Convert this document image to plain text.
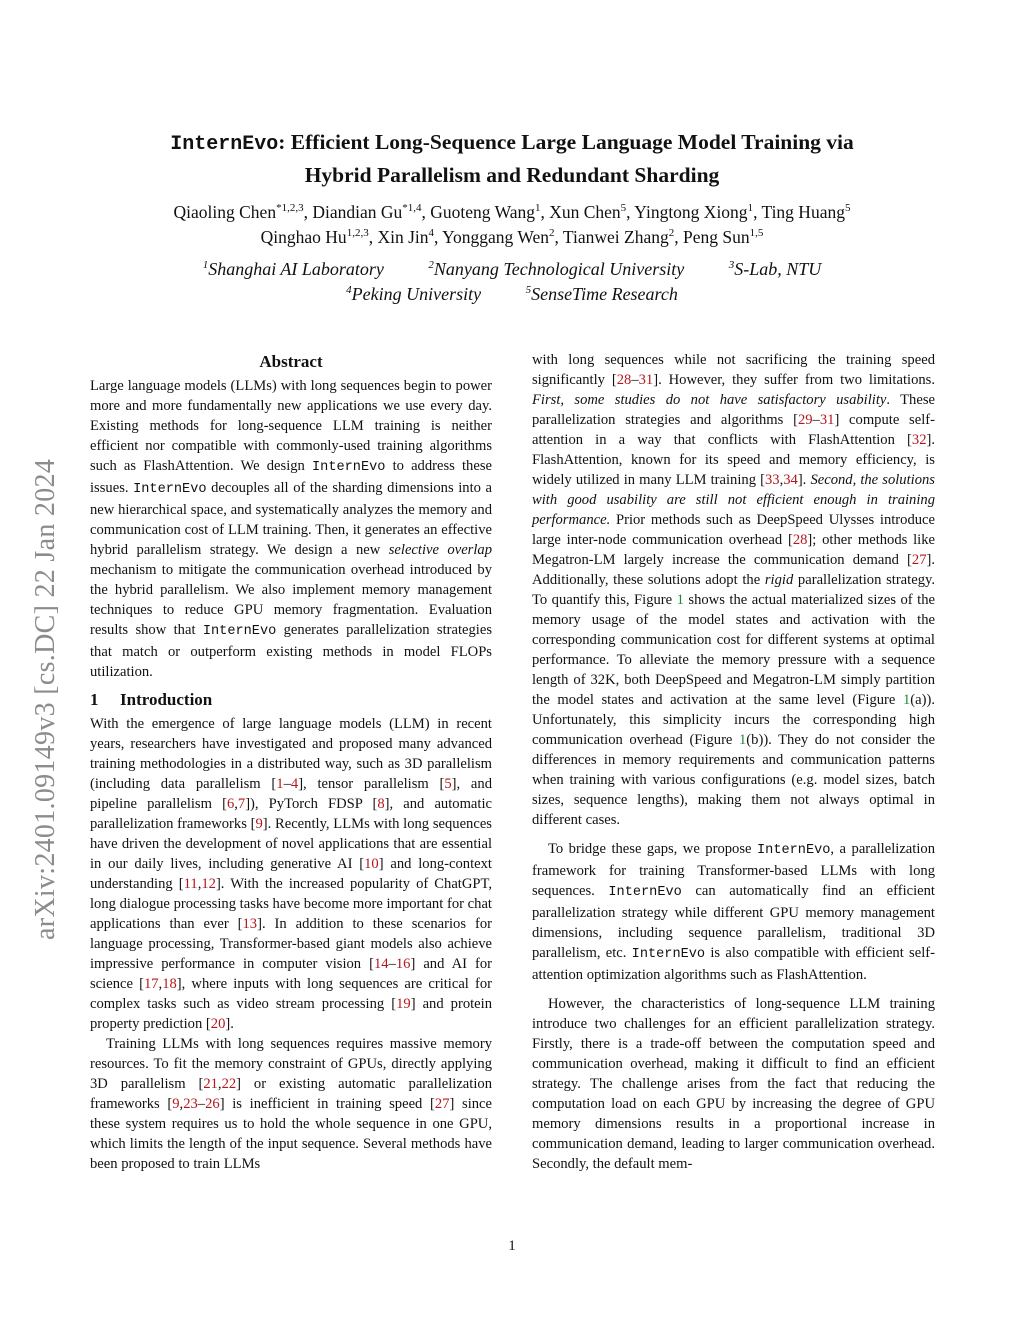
arXiv:2401.09149v3 [cs.DC] 22 Jan 2024
InternEvo: Efficient Long-Sequence Large Language Model Training via
Hybrid Parallelism and Redundant Sharding
Qiaoling Chen$^{*1,2,3}$, Diandian Gu$^{*1,4}$, Guoteng Wang$^1$, Xun Chen$^5$, Yingtong Xiong$^1$, Ting Huang$^5$
Qinghao Hu$^{1,2,3}$, Xin Jin$^4$, Yonggang Wen$^2$, Tianwei Zhang$^2$, Peng Sun$^{1,5}$
$^1$Shanghai AI Laboratory	$^2$Nanyang Technological University	$^3$S-Lab, NTU
$^4$Peking University	$^5$SenseTime Research
Abstract

Large language models (LLMs) with long sequences begin to power more and more fundamentally new applications we use every day. Existing methods for long-sequence LLM training is neither efficient nor compatible with commonly-used training algorithms such as FlashAttention. We design InternEvo to address these issues. InternEvo decouples all of the sharding dimensions into a new hierarchical space, and systematically analyzes the memory and communication cost of LLM training. Then, it generates an effective hybrid parallelism strategy. We design a new selective overlap mechanism to mitigate the communication overhead introduced by the hybrid parallelism. We also implement memory management techniques to reduce GPU memory fragmentation. Evaluation results show that InternEvo generates parallelization strategies that match or outperform existing methods in model FLOPs utilization.

1 Introduction

With the emergence of large language models (LLM) in recent years, researchers have investigated and proposed many advanced training methodologies in a distributed way, such as 3D parallelism (including data parallelism [1–4], tensor parallelism [5], and pipeline parallelism [6,7]), PyTorch FDSP [8], and automatic parallelization frameworks [9]. Recently, LLMs with long sequences have driven the development of novel applications that are essential in our daily lives, including generative AI [10] and long-context understanding [11,12]. With the increased popularity of ChatGPT, long dialogue processing tasks have become more important for chat applications than ever [13]. In addition to these scenarios for language processing, Transformer-based giant models also achieve impressive performance in computer vision [14–16] and AI for science [17,18], where inputs with long sequences are critical for complex tasks such as video stream processing [19] and protein property prediction [20].

Training LLMs with long sequences requires massive memory resources. To fit the memory constraint of GPUs, directly applying 3D parallelism [21,22] or existing automatic parallelization frameworks [9,23–26] is inefficient in training speed [27] since these system requires us to hold the whole sequence in one GPU, which limits the length of the input sequence. Several methods have been proposed to train LLMs

with long sequences while not sacrificing the training speed significantly [28–31]. However, they suffer from two limitations. First, some studies do not have satisfactory usability. These parallelization strategies and algorithms [29–31] compute self-attention in a way that conflicts with FlashAttention [32]. FlashAttention, known for its speed and memory efficiency, is widely utilized in many LLM training [33,34]. Second, the solutions with good usability are still not efficient enough in training performance. Prior methods such as DeepSpeed Ulysses introduce large inter-node communication overhead [28]; other methods like Megatron-LM largely increase the communication demand [27]. Additionally, these solutions adopt the rigid parallelization strategy. To quantify this, Figure 1 shows the actual materialized sizes of the memory usage of the model states and activation with the corresponding communication cost for different systems at optimal performance. To alleviate the memory pressure with a sequence length of 32K, both DeepSpeed and Megatron-LM simply partition the model states and activation at the same level (Figure 1(a)). Unfortunately, this simplicity incurs the corresponding high communication overhead (Figure 1(b)). They do not consider the differences in memory requirements and communication patterns when training with various configurations (e.g. model sizes, batch sizes, sequence lengths), making them not always optimal in different cases.

To bridge these gaps, we propose InternEvo, a parallelization framework for training Transformer-based LLMs with long sequences. InternEvo can automatically find an efficient parallelization strategy while different GPU memory management dimensions, including sequence parallelism, traditional 3D parallelism, etc. InternEvo is also compatible with efficient self-attention optimization algorithms such as FlashAttention.

However, the characteristics of long-sequence LLM training introduce two challenges for an efficient parallelization strategy. Firstly, there is a trade-off between the computation speed and communication overhead, making it difficult to find an efficient strategy. The challenge arises from the fact that reducing the computation load on each GPU by increasing the degree of GPU memory dimensions results in a proportional increase in communication demand, leading to larger communication overhead. Secondly, the default mem-

1
